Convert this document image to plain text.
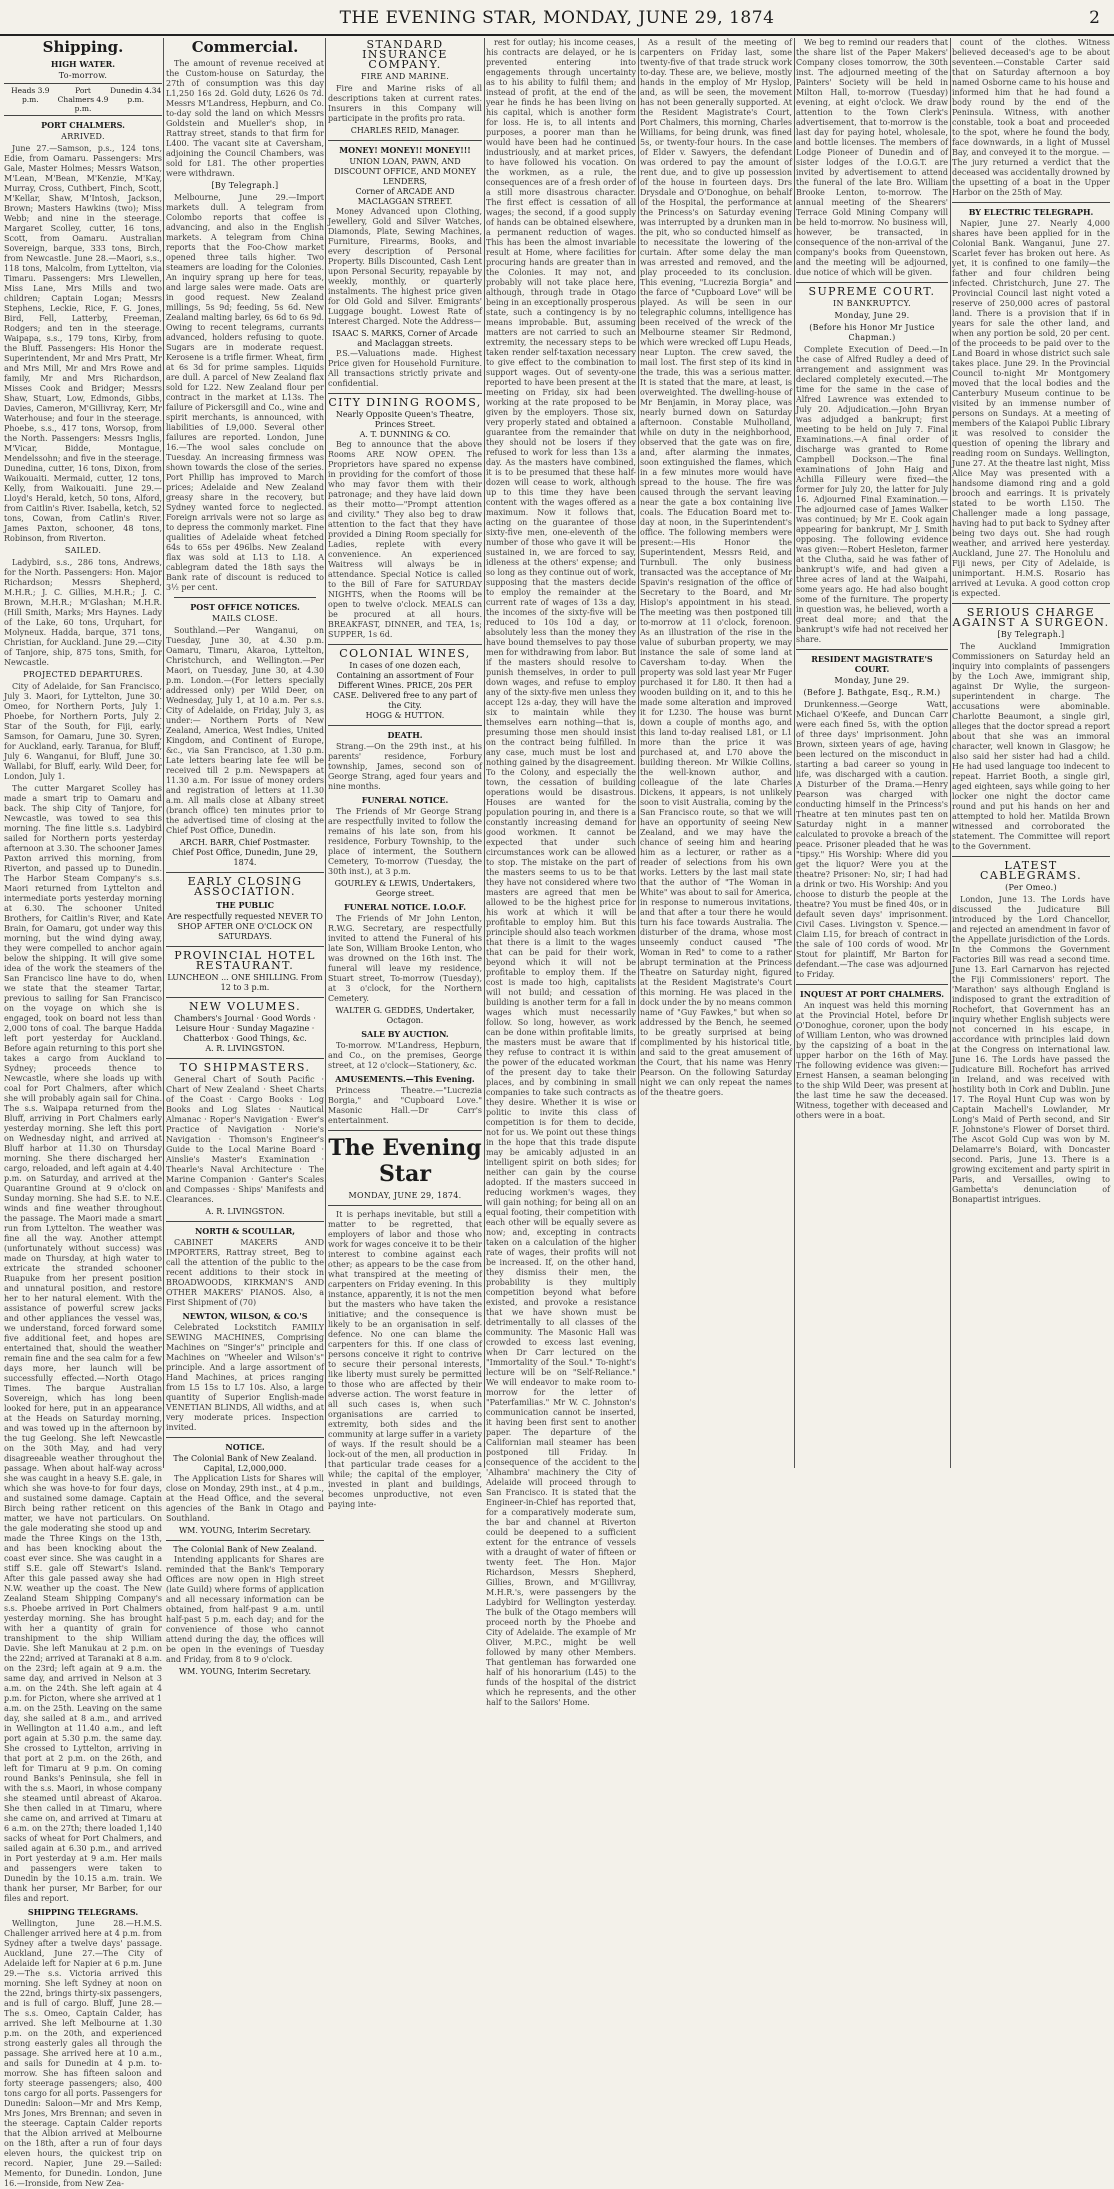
THE EVENING STAR, MONDAY, JUNE 29, 1874	2
Shipping.
HIGH WATER.
To-morrow.
Heads 3.9 p.m.
Port Chalmers 4.9 p.m.
Dunedin 4.34 p.m.
PORT CHALMERS.
ARRIVED.
June 27.—Samson, p.s., 124 tons, Edie, from Oamaru. Passengers: Mrs Gale, Master Holmes; Messrs Watson, M'Lean, M'Bean, M'Kenzie, M'Kay, Murray, Cross, Cuthbert, Finch, Scott, M'Kellar, Shaw, M'Intosh, Jackson, Brown; Masters Hawkins (two); Miss Webb; and nine in the steerage. Margaret Scolley, cutter, 16 tons, Scott, from Oamaru. Australian Sovereign, barque, 333 tons, Birch, from Newcastle. June 28.—Maori, s.s., 118 tons, Malcolm, from Lyttelton, via Timaru. Passengers: Mrs Llewellen, Miss Lane, Mrs Mills and two children; Captain Logan; Messrs Stephens, Leckie, Rice, F. G. Jones, Bird, Fell, Latterby, Freeman, Rodgers; and ten in the steerage. Waipapa, s.s., 179 tons, Kirby, from the Bluff. Passengers: His Honor the Superintendent, Mr and Mrs Pratt, Mr and Mrs Mill, Mr and Mrs Rowe and family, Mr and Mrs Richardson, Misses Cook and Bridger; Messrs Shaw, Stuart, Low, Edmonds, Gibbs, Davies, Cameron, M'Gillivray, Kerr, Mr Waterhouse; and four in the steerage. Phoebe, s.s., 417 tons, Worsop, from the North. Passengers: Messrs Inglis, M'Vicar, Bidde, Montague, Mendelssohn; and five in the steerage. Dunedina, cutter, 16 tons, Dixon, from Waikouaiti. Mermaid, cutter, 12 tons, Kelly, from Waikouaiti. June 29.—Lloyd's Herald, ketch, 50 tons, Alford, from Caitlin's River. Isabella, ketch, 52 tons, Cowan, from Catlin's River. James Paxton, schooner, 48 tons, Robinson, from Riverton.
SAILED.
Ladybird, s.s., 286 tons, Andrews, for the North. Passengers: Hon. Major Richardson; Messrs Shepherd, M.H.R.; J. C. Gillies, M.H.R.; J. C. Brown, M.H.R.; M'Glashan; M.H.R. (Hill Smith, Marks; Mrs Haynes. Lady of the Lake, 60 tons, Urquhart, for Molyneux. Hadda, barque, 371 tons, Christian, for Auckland. June 29.—City of Tanjore, ship, 875 tons, Smith, for Newcastle.
PROJECTED DEPARTURES.
City of Adelaide, for San Francisco, July 3. Maori, for Lyttelton, June 30. Omeo, for Northern Ports, July 1. Phoebe, for Northern Ports, July 2. Star of the South, for Fiji, early. Samson, for Oamaru, June 30. Syren, for Auckland, early. Taranua, for Bluff, July 6. Wanganui, for Bluff, June 30. Wallabi, for Bluff, early. Wild Deer, for London, July 1.
The cutter Margaret Scolley has made a smart trip to Oamaru and back. The ship City of Tanjore, for Newcastle, was towed to sea this morning. The fine little s.s. Ladybird sailed for Northern ports yesterday afternoon at 3.30. The schooner James Paxton arrived this morning, from Riverton, and passed up to Dunedin. The Harbor Steam Company's s.s. Maori returned from Lyttelton and intermediate ports yesterday morning at 6.30. The schooner United Brothers, for Caitlin's River, and Kate Brain, for Oamaru, got under way this morning, but the wind dying away, they were compelled to anchor again below the shipping. It will give some idea of the work the steamers of the San Francisco line have to do, when we state that the steamer Tartar, previous to sailing for San Francisco on the voyage on which she is engaged, took on board not less than 2,000 tons of coal. The barque Hadda left port yesterday for Auckland. Before again returning to this port she takes a cargo from Auckland to Sydney; proceeds thence to Newcastle, where she loads up with coal for Port Chalmers, after which she will probably again sail for China. The s.s. Waipapa returned from the Bluff, arriving in Port Chalmers early yesterday morning. She left this port on Wednesday night, and arrived at Bluff harbor at 11.30 on Thursday morning. She there discharged her cargo, reloaded, and left again at 4.40 p.m. on Saturday, and arrived at the Quarantine Ground at 9 o'clock on Sunday morning. She had S.E. to N.E. winds and fine weather throughout the passage. The Maori made a smart run from Lyttelton. The weather was fine all the way. Another attempt (unfortunately without success) was made on Thursday, at high water to extricate the stranded schooner Ruapuke from her present position and unnatural position, and restore her to her natural element. With the assistance of powerful screw jacks and other appliances the vessel was, we understand, forced forward some five additional feet, and hopes are entertained that, should the weather remain fine and the sea calm for a few days more, her launch will be successfully effected.—North Otago Times. The barque Australian Sovereign, which has long been looked for here, put in an appearance at the Heads on Saturday morning, and was towed up in the afternoon by the tug Geelong. She left Newcastle on the 30th May, and had very disagreeable weather throughout the passage. When about half-way across she was caught in a heavy S.E. gale, in which she was hove-to for four days, and sustained some damage. Captain Birch being rather reticent on this matter, we have not particulars. On the gale moderating she stood up and made the Three Kings on the 13th, and has been knocking about the coast ever since. She was caught in a stiff S.E. gale off Stewart's Island. After this gale passed away she had N.W. weather up the coast. The New Zealand Steam Shipping Company's s.s. Phoebe arrived in Port Chalmers yesterday morning. She has brought with her a quantity of grain for transhipment to the ship William Davie. She left Manukau at 2 p.m. on the 22nd; arrived at Taranaki at 8 a.m. on the 23rd; left again at 9 a.m. the same day, and arrived in Nelson at 3 a.m. on the 24th. She left again at 4 p.m. for Picton, where she arrived at 1 a.m. on the 25th. Leaving on the same day, she sailed at 8 a.m., and arrived in Wellington at 11.40 a.m., and left port again at 5.30 p.m. the same day. She crossed to Lyttelton, arriving in that port at 2 p.m. on the 26th, and left for Timaru at 9 p.m. On coming round Banks's Peninsula, she fell in with the s.s. Maori, in whose company she steamed until abreast of Akaroa. She then called in at Timaru, where she came on, and arrived at Timaru at 6 a.m. on the 27th; there loaded 1,140 sacks of wheat for Port Chalmers, and sailed again at 6.30 p.m., and arrived in Port yesterday at 9 a.m. Her mails and passengers were taken to Dunedin by the 10.15 a.m. train. We thank her purser, Mr Barber, for our files and report.
SHIPPING TELEGRAMS.
Wellington, June 28.—H.M.S. Challenger arrived here at 4 p.m. from Sydney after a twelve days' passage. Auckland, June 27.—The City of Adelaide left for Napier at 6 p.m. June 29.—The s.s. Victoria arrived this morning. She left Sydney at noon on the 22nd, brings thirty-six passengers, and is full of cargo. Bluff, June 28.—The s.s. Omeo, Captain Calder, has arrived. She left Melbourne at 1.30 p.m. on the 20th, and experienced strong easterly gales all through the passage. She arrived here at 10 a.m., and sails for Dunedin at 4 p.m. to-morrow. She has fifteen saloon and forty steerage passengers; also, 400 tons cargo for all ports. Passengers for Dunedin: Saloon—Mr and Mrs Kemp, Mrs Jones, Mrs Brennan; and seven in the steerage. Captain Calder reports that the Albion arrived at Melbourne on the 18th, after a run of four days eleven hours, the quickest trip on record. Napier, June 29.—Sailed: Memento, for Dunedin. London, June 16.—Ironside, from New Zea-
Commercial.
The amount of revenue received at the Custom-house on Saturday, the 27th of consumption was this day L1,250 16s 2d. Gold duty, L626 0s 7d. Messrs M'Landress, Hepburn, and Co. to-day sold the land on which Messrs Goldstein and Mueller's shop, in Rattray street, stands to that firm for L400. The vacant site at Caversham, adjoining the Council Chambers, was sold for L81. The other properties were withdrawn.
[By Telegraph.]
Melbourne, June 29.—Import markets dull. A telegram from Colombo reports that coffee is advancing, and also in the English markets. A telegram from China reports that the Foo-Chow market opened three tails higher. Two steamers are loading for the Colonies. An inquiry sprang up here for teas, and large sales were made. Oats are in good request. New Zealand millings, 5s 9d; feeding, 5s 6d. New Zealand malting barley, 6s 6d to 6s 9d. Owing to recent telegrams, currants advanced, holders refusing to quote. Sugars are in moderate request. Kerosene is a trifle firmer. Wheat, firm at 6s 3d for prime samples. Liquids are dull. A parcel of New Zealand flax sold for L22. New Zealand flour per contract in the market at L13s. The failure of Pickersgill and Co., wine and spirit merchants, is announced, with liabilities of L9,000. Several other failures are reported. London, June 16.—The wool sales conclude on Tuesday. An increasing firmness was shown towards the close of the series. Port Phillip has improved to March prices; Adelaide and New Zealand greasy share in the recovery, but Sydney wanted force to neglected. Foreign arrivals were not so large as to depress the commonly market. Fine qualities of Adelaide wheat fetched 64s to 65s per 496lbs. New Zealand flax was sold at L13 to L18. A cablegram dated the 18th says the Bank rate of discount is reduced to 3½ per cent.
POST OFFICE NOTICES.
MAILS CLOSE.
Southland.—Per Wanganui, on Tuesday, June 30, at 4.30 p.m. Oamaru, Timaru, Akaroa, Lyttelton, Christchurch, and Wellington.—Per Maori, on Tuesday, June 30, at 4.30 p.m. London.—(For letters specially addressed only) per Wild Deer, on Wednesday, July 1, at 10 a.m. Per s.s. City of Adelaide, on Friday, July 3, as under:— Northern Ports of New Zealand, America, West Indies, United Kingdom, and Continent of Europe, &c., via San Francisco, at 1.30 p.m. Late letters bearing late fee will be received till 2 p.m. Newspapers at 11.30 a.m. For issue of money orders and registration of letters at 11.30 a.m. All mails close at Albany street (branch office) ten minutes prior to the advertised time of closing at the Chief Post Office, Dunedin.
ARCH. BARR, Chief Postmaster.
Chief Post Office, Dunedin, June 29, 1874.
EARLY CLOSING ASSOCIATION.
THE PUBLIC
Are respectfully requested NEVER TO SHOP AFTER ONE O'CLOCK ON SATURDAYS.
PROVINCIAL HOTEL RESTAURANT.
LUNCHEON ... ONE SHILLING. From 12 to 3 p.m.
NEW VOLUMES.
Chambers's Journal · Good Words · Leisure Hour · Sunday Magazine · Chatterbox · Good Things, &c.
A. R. LIVINGSTON.
TO SHIPMASTERS.
General Chart of South Pacific · Chart of New Zealand · Sheet Charts of the Coast · Cargo Books · Log Books and Log Slates · Nautical Almanac · Roper's Navigation · Ewer's Practice of Navigation · Norie's Navigation · Thomson's Engineer's Guide to the Local Marine Board · Ainslie's Master's Examination · Thearle's Naval Architecture · The Marine Companion · Ganter's Scales and Compasses · Ships' Manifests and Clearances.
A. R. LIVINGSTON.
NORTH & SCOULLAR,
CABINET MAKERS AND IMPORTERS, Rattray street, Beg to call the attention of the public to the recent additions to their stock in BROADWOODS, KIRKMAN'S AND OTHER MAKERS' PIANOS. Also, a First Shipment of (70)
NEWTON, WILSON, & CO.'S
Celebrated Lockstitch FAMILY SEWING MACHINES, Comprising Machines on "Singer's" principle and Machines on "Wheeler and Wilson's" principle. And a large assortment of Hand Machines, at prices ranging from L5 15s to L7 10s. Also, a large quantity of Superior English-made VENETIAN BLINDS, All widths, and at very moderate prices. Inspection invited.
NOTICE.
The Colonial Bank of New Zealand. Capital, L2,000,000.
The Application Lists for Shares will close on Monday, 29th inst., at 4 p.m., at the Head Office, and the several agencies of the Bank in Otago and Southland.
WM. YOUNG, Interim Secretary.
The Colonial Bank of New Zealand.
Intending applicants for Shares are reminded that the Bank's Temporary Offices are now open in High street (late Guild) where forms of application and all necessary information can be obtained, from half-past 9 a.m. until half-past 5 p.m. each day; and for the convenience of those who cannot attend during the day, the offices will be open in the evenings of Tuesday and Friday, from 8 to 9 o'clock.
WM. YOUNG, Interim Secretary.
STANDARD INSURANCE COMPANY.
FIRE AND MARINE.
Fire and Marine risks of all descriptions taken at current rates. Insurers in this Company will participate in the profits pro rata.
CHARLES REID, Manager.
MONEY! MONEY!! MONEY!!!
UNION LOAN, PAWN, AND DISCOUNT OFFICE, AND MONEY LENDERS,
Corner of ARCADE AND MACLAGGAN STREET.
Money Advanced upon Clothing, Jewellery, Gold and Silver Watches, Diamonds, Plate, Sewing Machines, Furniture, Firearms, Books, and every description of Personal Property. Bills Discounted, Cash Lent upon Personal Security, repayable by weekly, monthly, or quarterly instalments. The highest price given for Old Gold and Silver. Emigrants' Luggage bought. Lowest Rate of Interest Charged. Note the Address—
ISAAC S. MARKS, Corner of Arcade and Maclaggan streets.
P.S.—Valuations made. Highest Price given for Household Furniture. All transactions strictly private and confidential.
CITY DINING ROOMS,
Nearly Opposite Queen's Theatre, Princes Street.
A. T. DUNNING & CO.
Beg to announce that the above Rooms ARE NOW OPEN. The Proprietors have spared no expense in providing for the comfort of those who may favor them with their patronage; and they have laid down as their motto—"Prompt attention and civility." They also beg to draw attention to the fact that they have provided a Dining Room specially for Ladies, replete with every convenience. An experienced Waitress will always be in attendance. Special Notice is called to the Bill of Fare for SATURDAY NIGHTS, when the Rooms will be open to twelve o'clock. MEALS can be procured at all hours. BREAKFAST, DINNER, and TEA, 1s; SUPPER, 1s 6d.
COLONIAL WINES,
In cases of one dozen each, Containing an assortment of Four Different Wines. PRICE, 20s PER CASE. Delivered free to any part of the City.
HOGG & HUTTON.
DEATH.
Strang.—On the 29th inst., at his parents' residence, Forbury township, James, second son of George Strang, aged four years and nine months.
FUNERAL NOTICE.
The Friends of Mr George Strang are respectfully invited to follow the remains of his late son, from his residence, Forbury Township, to the place of interment, the Southern Cemetery, To-morrow (Tuesday, the 30th inst.), at 3 p.m.
GOURLEY & LEWIS, Undertakers, George street.
FUNERAL NOTICE. I.O.O.F.
The Friends of Mr John Lenton, R.W.G. Secretary, are respectfully invited to attend the Funeral of his late Son, William Brooke Lenton, who was drowned on the 16th inst. The funeral will leave my residence, Stuart street, To-morrow (Tuesday), at 3 o'clock, for the Northern Cemetery.
WALTER G. GEDDES, Undertaker, Octagon.
SALE BY AUCTION.
To-morrow. M'Landress, Hepburn, and Co., on the premises, George street, at 12 o'clock—Stationery, &c.
AMUSEMENTS.—This Evening.
Princess Theatre.—"Lucrezia Borgia," and "Cupboard Love." Masonic Hall.—Dr Carr's entertainment.
The Evening Star
MONDAY, JUNE 29, 1874.
It is perhaps inevitable, but still a matter to be regretted, that employers of labor and those who work for wages conceive it to be their interest to combine against each other; as appears to be the case from what transpired at the meeting of carpenters on Friday evening. In this instance, apparently, it is not the men but the masters who have taken the initiative; and the consequence is likely to be an organisation in self-defence. No one can blame the carpenters for this. If one class of persons conceive it right to contrive to secure their personal interests, like liberty must surely be permitted to those who are affected by their adverse action. The worst feature in all such cases is, when such organisations are carried to extremity, both sides and the community at large suffer in a variety of ways. If the result should be a lock-out of the men, all production in that particular trade ceases for a while; the capital of the employer, invested in plant and buildings, becomes unproductive, not even paying inte-
rest for outlay; his income ceases, his contracts are delayed, or he is prevented entering into engagements through uncertainty as to his ability to fulfil them; and instead of profit, at the end of the year he finds he has been living on his capital, which is another form for loss. He is, to all intents and purposes, a poorer man than he would have been had he continued industriously, and at market prices, to have followed his vocation. On the workmen, as a rule, the consequences are of a fresh order of a still more disastrous character. The first effect is cessation of all wages; the second, if a good supply of hands can be obtained elsewhere, a permanent reduction of wages. This has been the almost invariable result at Home, where facilities for procuring hands are greater than in the Colonies. It may not, and probably will not take place here, although, through trade in Otago being in an exceptionally prosperous state, such a contingency is by no means improbable. But, assuming matters are not carried to such an extremity, the necessary steps to be taken render self-taxation necessary to give effect to the combination to support wages. Out of seventy-one reported to have been present at the meeting on Friday, six had been working at the rate proposed to be given by the employers. Those six, very properly stated and obtained a guarantee from the remainder that they should not be losers if they refused to work for less than 13s a day. As the masters have combined, it is to be presumed that these half-dozen will cease to work, although up to this time they have been content with the wages offered as a maximum. Now it follows that, acting on the guarantee of those sixty-five men, one-eleventh of the number of those who gave it will be sustained in, we are forced to say, idleness at the others' expense; and so long as they continue out of work, supposing that the masters decide to employ the remainder at the current rate of wages of 13s a day, the incomes of the sixty-five will be reduced to 10s 10d a day, or absolutely less than the money they have bound themselves to pay those men for withdrawing from labor. But if the masters should resolve to punish themselves, in order to pull down wages, and refuse to employ any of the sixty-five men unless they accept 12s a-day, they will have the six to maintain while they themselves earn nothing—that is, presuming those men should insist on the contract being fulfilled. In any case, much must be lost and nothing gained by the disagreement. To the Colony, and especially the town, the cessation of building operations would be disastrous. Houses are wanted for the population pouring in, and there is a constantly increasing demand for good workmen. It cannot be expected that under such circumstances work can be allowed to stop. The mistake on the part of the masters seems to us to be that they have not considered where two masters are agreed that men be allowed to be the highest price for his work at which it will be profitable to employ him. But this principle should also teach workmen that there is a limit to the wages that can be paid for their work, beyond which it will not be profitable to employ them. If the cost is made too high, capitalists will not build; and cessation of building is another term for a fall in wages which must necessarily follow. So long, however, as work can be done within profitable limits, the masters must be aware that if they refuse to contract it is within the power of the educated workman of the present day to take their places, and by combining in small companies to take such contracts as they desire. Whether it is wise or politic to invite this class of competition is for them to decide, not for us. We point out these things in the hope that this trade dispute may be amicably adjusted in an intelligent spirit on both sides; for neither can gain by the course adopted. If the masters succeed in reducing workmen's wages, they will gain nothing; for being all on an equal footing, their competition with each other will be equally severe as now; and, excepting in contracts taken on a calculation of the higher rate of wages, their profits will not be increased. If, on the other hand, they dismiss their men, the probability is they multiply competition beyond what before existed, and provoke a resistance that we have shown must be detrimentally to all classes of the community. The Masonic Hall was crowded to excess last evening, when Dr Carr lectured on the "Immortality of the Soul." To-night's lecture will be on "Self-Reliance." We will endeavor to make room to-morrow for the letter of "Paterfamilias." Mr W. C. Johnston's communication cannot be inserted, it having been first sent to another paper. The departure of the Californian mail steamer has been postponed till Friday. In consequence of the accident to the 'Alhambra' machinery the City of Adelaide will proceed through to San Francisco. It is stated that the Engineer-in-Chief has reported that, for a comparatively moderate sum, the bar and channel at Riverton could be deepened to a sufficient extent for the entrance of vessels with a draught of water of fifteen or twenty feet. The Hon. Major Richardson, Messrs Shepherd, Gillies, Brown, and M'Gillivray, M.H.R.'s, were passengers by the Ladybird for Wellington yesterday. The bulk of the Otago members will proceed north by the Phoebe and City of Adelaide. The example of Mr Oliver, M.P.C., might be well followed by many other Members. That gentleman has forwarded one half of his honorarium (L45) to the funds of the hospital of the district which he represents, and the other half to the Sailors' Home.
As a result of the meeting of carpenters on Friday last, some twenty-five of that trade struck work to-day. These are, we believe, mostly hands in the employ of Mr Hyslop, and, as will be seen, the movement has not been generally supported. At the Resident Magistrate's Court, Port Chalmers, this morning, Charles Williams, for being drunk, was fined 5s, or twenty-four hours. In the case of Elder v. Sawyers, the defendant was ordered to pay the amount of rent due, and to give up possession of the house in fourteen days. Drs Drysdale and O'Donoghue, on behalf of the Hospital, the performance at the Princess's on Saturday evening was interrupted by a drunken man in the pit, who so conducted himself as to necessitate the lowering of the curtain. After some delay the man was arrested and removed, and the play proceeded to its conclusion. This evening, "Lucrezia Borgia" and the farce of "Cupboard Love" will be played. As will be seen in our telegraphic columns, intelligence has been received of the wreck of the Melbourne steamer Sir Redmond, which were wrecked off Lupu Heads, near Lupton. The crew saved, the mail lost. The first step of its kind in the trade, this was a serious matter. It is stated that the mare, at least, is overweighted. The dwelling-house of Mr Benjamin, in Moray place, was nearly burned down on Saturday afternoon. Constable Mulholland, while on duty in the neighborhood, observed that the gate was on fire, and, after alarming the inmates, soon extinguished the flames, which in a few minutes more would have spread to the house. The fire was caused through the servant leaving near the gate a box containing live coals. The Education Board met to-day at noon, in the Superintendent's office. The following members were present:—His Honor the Superintendent, Messrs Reid, and Turnbull. The only business transacted was the acceptance of Mr Spavin's resignation of the office of Secretary to the Board, and Mr Hislop's appointment in his stead. The meeting was then postponed till to-morrow at 11 o'clock, forenoon. As an illustration of the rise in the value of suburban property, we may instance the sale of some land at Caversham to-day. When the property was sold last year Mr Fuger purchased it for L80. It then had a wooden building on it, and to this he made some alteration and improved it for L230. The house was burnt down a couple of months ago, and this land to-day realised L81, or L1 more than the price it was purchased at, and L70 above the building thereon. Mr Wilkie Collins, the well-known author, and colleague of the late Charles Dickens, it appears, is not unlikely soon to visit Australia, coming by the San Francisco route, so that we will have an opportunity of seeing New Zealand, and we may have the chance of seeing him and hearing him as a lecturer, or rather as a reader of selections from his own works. Letters by the last mail state that the author of "The Woman in White" was about to sail for America, in response to numerous invitations, and that after a tour there he would turn his face towards Australia. The disturber of the drama, whose most unseemly conduct caused "The Woman in Red" to come to a rather abrupt termination at the Princess Theatre on Saturday night, figured at the Resident Magistrate's Court this morning. He was placed in the dock under the by no means common name of "Guy Fawkes," but when so addressed by the Bench, he seemed to be greatly surprised at being complimented by his historical title, and said to the great amusement of the Court, that his name was Henry Pearson. On the following Saturday night we can only repeat the names of the theatre goers.
We beg to remind our readers that the share list of the Paper Makers' Company closes tomorrow, the 30th inst. The adjourned meeting of the Painters' Society will be held in Milton Hall, to-morrow (Tuesday) evening, at eight o'clock. We draw attention to the Town Clerk's advertisement, that to-morrow is the last day for paying hotel, wholesale, and bottle licenses. The members of Lodge Pioneer of Dunedin and of sister lodges of the I.O.G.T. are invited by advertisement to attend the funeral of the late Bro. William Brooke Lenton, to-morrow. The annual meeting of the Shearers' Terrace Gold Mining Company will be held to-morrow. No business will, however, be transacted, in consequence of the non-arrival of the company's books from Queenstown, and the meeting will be adjourned, due notice of which will be given.
SUPREME COURT.
IN BANKRUPTCY.
Monday, June 29.
(Before his Honor Mr Justice Chapman.)
Complete Execution of Deed.—In the case of Alfred Rudley a deed of arrangement and assignment was declared completely executed.—The time for the same in the case of Alfred Lawrence was extended to July 20. Adjudication.—John Bryan was adjudged a bankrupt; first meeting to be held on July 7. Final Examinations.—A final order of discharge was granted to Rome Campbell Dockson.—The final examinations of John Haig and Achilla Filleury were fixed—the former for July 20, the latter for July 16. Adjourned Final Examination.—The adjourned case of James Walker was continued; by Mr E. Cook again appearing for bankrupt, Mr J. Smith opposing. The following evidence was given:—Robert Hesleton, farmer at the Clutha, said he was father of bankrupt's wife, and had given a three acres of land at the Waipahi, some years ago. He had also bought some of the furniture. The property in question was, he believed, worth a great deal more; and that the bankrupt's wife had not received her share.
RESIDENT MAGISTRATE'S COURT.
Monday, June 29.
(Before J. Bathgate, Esq., R.M.)
Drunkenness.—George Watt, Michael O'Keefe, and Duncan Carr were each fined 5s, with the option of three days' imprisonment. John Brown, sixteen years of age, having been lectured on the misconduct in starting a bad career so young in life, was discharged with a caution. A Disturber of the Drama.—Henry Pearson was charged with conducting himself in the Princess's Theatre at ten minutes past ten on Saturday night in a manner calculated to provoke a breach of the peace. Prisoner pleaded that he was "tipsy." His Worship: Where did you get the liquor? Were you at the theatre? Prisoner: No, sir; I had had a drink or two. His Worship: And you choose to disturb the people at the theatre? You must be fined 40s, or in default seven days' imprisonment. Civil Cases. Livingston v. Spence.—Claim L15, for breach of contract in the sale of 100 cords of wood. Mr Stout for plaintiff, Mr Barton for defendant.—The case was adjourned to Friday.
INQUEST AT PORT CHALMERS.
An inquest was held this morning at the Provincial Hotel, before Dr O'Donoghue, coroner, upon the body of William Lenton, who was drowned by the capsizing of a boat in the upper harbor on the 16th of May. The following evidence was given:—Ernest Hansen, a seaman belonging to the ship Wild Deer, was present at the last time he saw the deceased. Witness, together with deceased and others were in a boat.
count of the clothes. Witness believed deceased's age to be about seventeen.—Constable Carter said that on Saturday afternoon a boy named Osborne came to his house and informed him that he had found a body round by the end of the Peninsula. Witness, with another constable, took a boat and proceeded to the spot, where he found the body, face downwards, in a light of Mussel Bay, and conveyed it to the morgue. —The jury returned a verdict that the deceased was accidentally drowned by the upsetting of a boat in the Upper Harbor on the 25th of May.
BY ELECTRIC TELEGRAPH.
Napier, June 27. Nearly 4,000 shares have been applied for in the Colonial Bank. Wanganui, June 27. Scarlet fever has broken out here. As yet, it is confined to one family—the father and four children being infected. Christchurch, June 27. The Provincial Council last night voted a reserve of 250,000 acres of pastoral land. There is a provision that if in years for sale the other land, and when any portion be sold, 20 per cent. of the proceeds to be paid over to the Land Board in whose district such sale takes place. June 29. In the Provincial Council to-night Mr Montgomery moved that the local bodies and the Canterbury Museum continue to be visited by an immense number of persons on Sundays. At a meeting of members of the Kaiapoi Public Library it was resolved to consider the question of opening the library and reading room on Sundays. Wellington, June 27. At the theatre last night, Miss Alice May was presented with a handsome diamond ring and a gold brooch and earrings. It is privately stated to be worth L150. The Challenger made a long passage, having had to put back to Sydney after being two days out. She had rough weather, and arrived here yesterday. Auckland, June 27. The Honolulu and Fiji news, per City of Adelaide, is unimportant. H.M.S. Rosario has arrived at Levuka. A good cotton crop is expected.
SERIOUS CHARGE AGAINST A SURGEON.
[By Telegraph.]
The Auckland Immigration Commissioners on Saturday held an inquiry into complaints of passengers by the Loch Awe, immigrant ship, against Dr Wylie, the surgeon-superintendent in charge. The accusations were abominable. Charlotte Beaumont, a single girl, alleges that the doctor spread a report about that she was an immoral character, well known in Glasgow; he also said her sister had had a child. He had used language too indecent to repeat. Harriet Booth, a single girl, aged eighteen, says while going to her locker one night the doctor came round and put his hands on her and attempted to hold her. Matilda Brown witnessed and corroborated the statement. The Committee will report to the Government.
LATEST CABLEGRAMS.
(Per Omeo.)
London, June 13. The Lords have discussed the Judicature Bill introduced by the Lord Chancellor, and rejected an amendment in favor of the Appellate jurisdiction of the Lords. In the Commons the Government Factories Bill was read a second time. June 13. Earl Carnarvon has rejected the Fiji Commissioners' report. The 'Marathon' says although England is indisposed to grant the extradition of Rochefort, that Government has an inquiry whether English subjects were not concerned in his escape, in accordance with principles laid down at the Congress on international law. June 16. The Lords have passed the Judicature Bill. Rochefort has arrived in Ireland, and was received with hostility both in Cork and Dublin. June 17. The Royal Hunt Cup was won by Captain Machell's Lowlander, Mr Long's Maid of Perth second, and Sir F. Johnstone's Flower of Dorset third. The Ascot Gold Cup was won by M. Delamarre's Boiard, with Doncaster second. Paris, June 13. There is a growing excitement and party spirit in Paris, and Versailles, owing to Gambetta's denunciation of Bonapartist intrigues.
